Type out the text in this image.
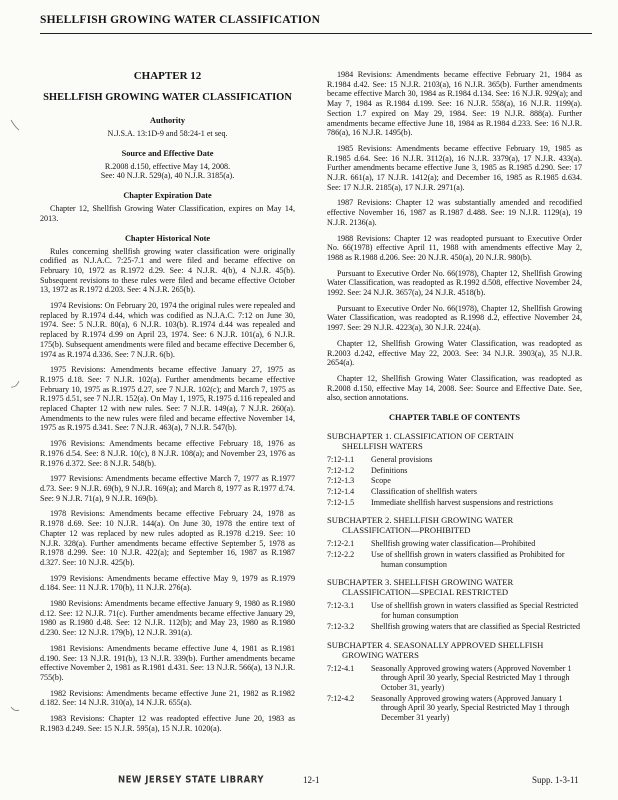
SHELLFISH GROWING WATER CLASSIFICATION

CHAPTER 12

SHELLFISH GROWING WATER CLASSIFICATION

Authority

N.J.S.A. 13:1D-9 and 58:24-1 et seq.

Source and Effective Date

R.2008 d.150, effective May 14, 2008.

See: 40 N.J.R. 529(a), 40 N.J.R. 3185(a).

Chapter Expiration Date

Chapter 12, Shellfish Growing Water Classification, expires on May 14, 2013.

Chapter Historical Note

Rules concerning shellfish growing water classification were originally codified as N.J.A.C. 7:25-7.1 and were filed and became effective on February 10, 1972 as R.1972 d.29. See: 4 N.J.R. 4(b), 4 N.J.R. 45(b). Subsequent revisions to these rules were filed and became effective October 13, 1972 as R.1972 d.203. See: 4 N.J.R. 265(b).

1974 Revisions: On February 20, 1974 the original rules were repealed and replaced by R.1974 d.44, which was codified as N.J.A.C. 7:12 on June 30, 1974. See: 5 N.J.R. 80(a), 6 N.J.R. 103(b). R.1974 d.44 was repealed and replaced by R.1974 d.99 on April 23, 1974. See: 6 N.J.R. 101(a), 6 N.J.R. 175(b). Subsequent amendments were filed and became effective December 6, 1974 as R.1974 d.336. See: 7 N.J.R. 6(b).

1975 Revisions: Amendments became effective January 27, 1975 as R.1975 d.18. See: 7 N.J.R. 102(a). Further amendments became effective February 10, 1975 as R.1975 d.27, see 7 N.J.R. 102(c); and March 7, 1975 as R.1975 d.51, see 7 N.J.R. 152(a). On May 1, 1975, R.1975 d.116 repealed and replaced Chapter 12 with new rules. See: 7 N.J.R. 149(a), 7 N.J.R. 260(a). Amendments to the new rules were filed and became effective November 14, 1975 as R.1975 d.341. See: 7 N.J.R. 463(a), 7 N.J.R. 547(b).

1976 Revisions: Amendments became effective February 18, 1976 as R.1976 d.54. See: 8 N.J.R. 10(c), 8 N.J.R. 108(a); and November 23, 1976 as R.1976 d.372. See: 8 N.J.R. 548(b).

1977 Revisions: Amendments became effective March 7, 1977 as R.1977 d.73. See: 9 N.J.R. 69(b), 9 N.J.R. 169(a); and March 8, 1977 as R.1977 d.74. See: 9 N.J.R. 71(a), 9 N.J.R. 169(b).

1978 Revisions: Amendments became effective February 24, 1978 as R.1978 d.69. See: 10 N.J.R. 144(a). On June 30, 1978 the entire text of Chapter 12 was replaced by new rules adopted as R.1978 d.219. See: 10 N.J.R. 328(a). Further amendments became effective September 5, 1978 as R.1978 d.299. See: 10 N.J.R. 422(a); and September 16, 1987 as R.1987 d.327. See: 10 N.J.R. 425(b).

1979 Revisions: Amendments became effective May 9, 1979 as R.1979 d.184. See: 11 N.J.R. 170(b), 11 N.J.R. 276(a).

1980 Revisions: Amendments became effective January 9, 1980 as R.1980 d.12. See: 12 N.J.R. 71(c). Further amendments became effective January 29, 1980 as R.1980 d.48. See: 12 N.J.R. 112(b); and May 23, 1980 as R.1980 d.230. See: 12 N.J.R. 179(b), 12 N.J.R. 391(a).

1981 Revisions: Amendments became effective June 4, 1981 as R.1981 d.190. See: 13 N.J.R. 191(b), 13 N.J.R. 339(b). Further amendments became effective November 2, 1981 as R.1981 d.431. See: 13 N.J.R. 566(a), 13 N.J.R. 755(b).

1982 Revisions: Amendments became effective June 21, 1982 as R.1982 d.182. See: 14 N.J.R. 310(a), 14 N.J.R. 655(a).

1983 Revisions: Chapter 12 was readopted effective June 20, 1983 as R.1983 d.249. See: 15 N.J.R. 595(a), 15 N.J.R. 1020(a).

1984 Revisions: Amendments became effective February 21, 1984 as R.1984 d.42. See: 15 N.J.R. 2103(a), 16 N.J.R. 365(b). Further amendments became effective March 30, 1984 as R.1984 d.134. See: 16 N.J.R. 929(a); and May 7, 1984 as R.1984 d.199. See: 16 N.J.R. 558(a), 16 N.J.R. 1199(a). Section 1.7 expired on May 29, 1984. See: 19 N.J.R. 888(a). Further amendments became effective June 18, 1984 as R.1984 d.233. See: 16 N.J.R. 786(a), 16 N.J.R. 1495(b).

1985 Revisions: Amendments became effective February 19, 1985 as R.1985 d.64. See: 16 N.J.R. 3112(a), 16 N.J.R. 3379(a), 17 N.J.R. 433(a). Further amendments became effective June 3, 1985 as R.1985 d.290. See: 17 N.J.R. 661(a), 17 N.J.R. 1412(a); and December 16, 1985 as R.1985 d.634. See: 17 N.J.R. 2185(a), 17 N.J.R. 2971(a).

1987 Revisions: Chapter 12 was substantially amended and recodified effective November 16, 1987 as R.1987 d.488. See: 19 N.J.R. 1129(a), 19 N.J.R. 2136(a).

1988 Revisions: Chapter 12 was readopted pursuant to Executive Order No. 66(1978) effective April 11, 1988 with amendments effective May 2, 1988 as R.1988 d.206. See: 20 N.J.R. 450(a), 20 N.J.R. 980(b).

Pursuant to Executive Order No. 66(1978), Chapter 12, Shellfish Growing Water Classification, was readopted as R.1992 d.508, effective November 24, 1992. See: 24 N.J.R. 3657(a), 24 N.J.R. 4518(b).

Pursuant to Executive Order No. 66(1978), Chapter 12, Shellfish Growing Water Classification, was readopted as R.1998 d.2, effective November 24, 1997. See: 29 N.J.R. 4223(a), 30 N.J.R. 224(a).

Chapter 12, Shellfish Growing Water Classification, was readopted as R.2003 d.242, effective May 22, 2003. See: 34 N.J.R. 3903(a), 35 N.J.R. 2654(a).

Chapter 12, Shellfish Growing Water Classification, was readopted as R.2008 d.150, effective May 14, 2008. See: Source and Effective Date. See, also, section annotations.

CHAPTER TABLE OF CONTENTS
SUBCHAPTER 1. CLASSIFICATION OF CERTAIN
SHELLFISH WATERS
7:12-1.1	General provisions
7:12-1.2	Definitions
7:12-1.3	Scope
7:12-1.4	Classification of shellfish waters
7:12-1.5	Immediate shellfish harvest suspensions and restrictions
SUBCHAPTER 2. SHELLFISH GROWING WATER
CLASSIFICATION—PROHIBITED
7:12-2.1	Shellfish growing water classification—Prohibited
7:12-2.2	Use of shellfish grown in waters classified as Prohibited for human consumption
SUBCHAPTER 3. SHELLFISH GROWING WATER
CLASSIFICATION—SPECIAL RESTRICTED
7:12-3.1	Use of shellfish grown in waters classified as Special Restricted for human consumption
7:12-3.2	Shellfish growing waters that are classified as Special Restricted
SUBCHAPTER 4. SEASONALLY APPROVED SHELLFISH
GROWING WATERS
7:12-4.1	Seasonally Approved growing waters (Approved November 1 through April 30 yearly, Special Restricted May 1 through October 31, yearly)
7:12-4.2	Seasonally Approved growing waters (Approved January 1 through April 30 yearly, Special Restricted May 1 through December 31 yearly)
NEW JERSEY STATE LIBRARY	12-1	Supp. 1-3-11
